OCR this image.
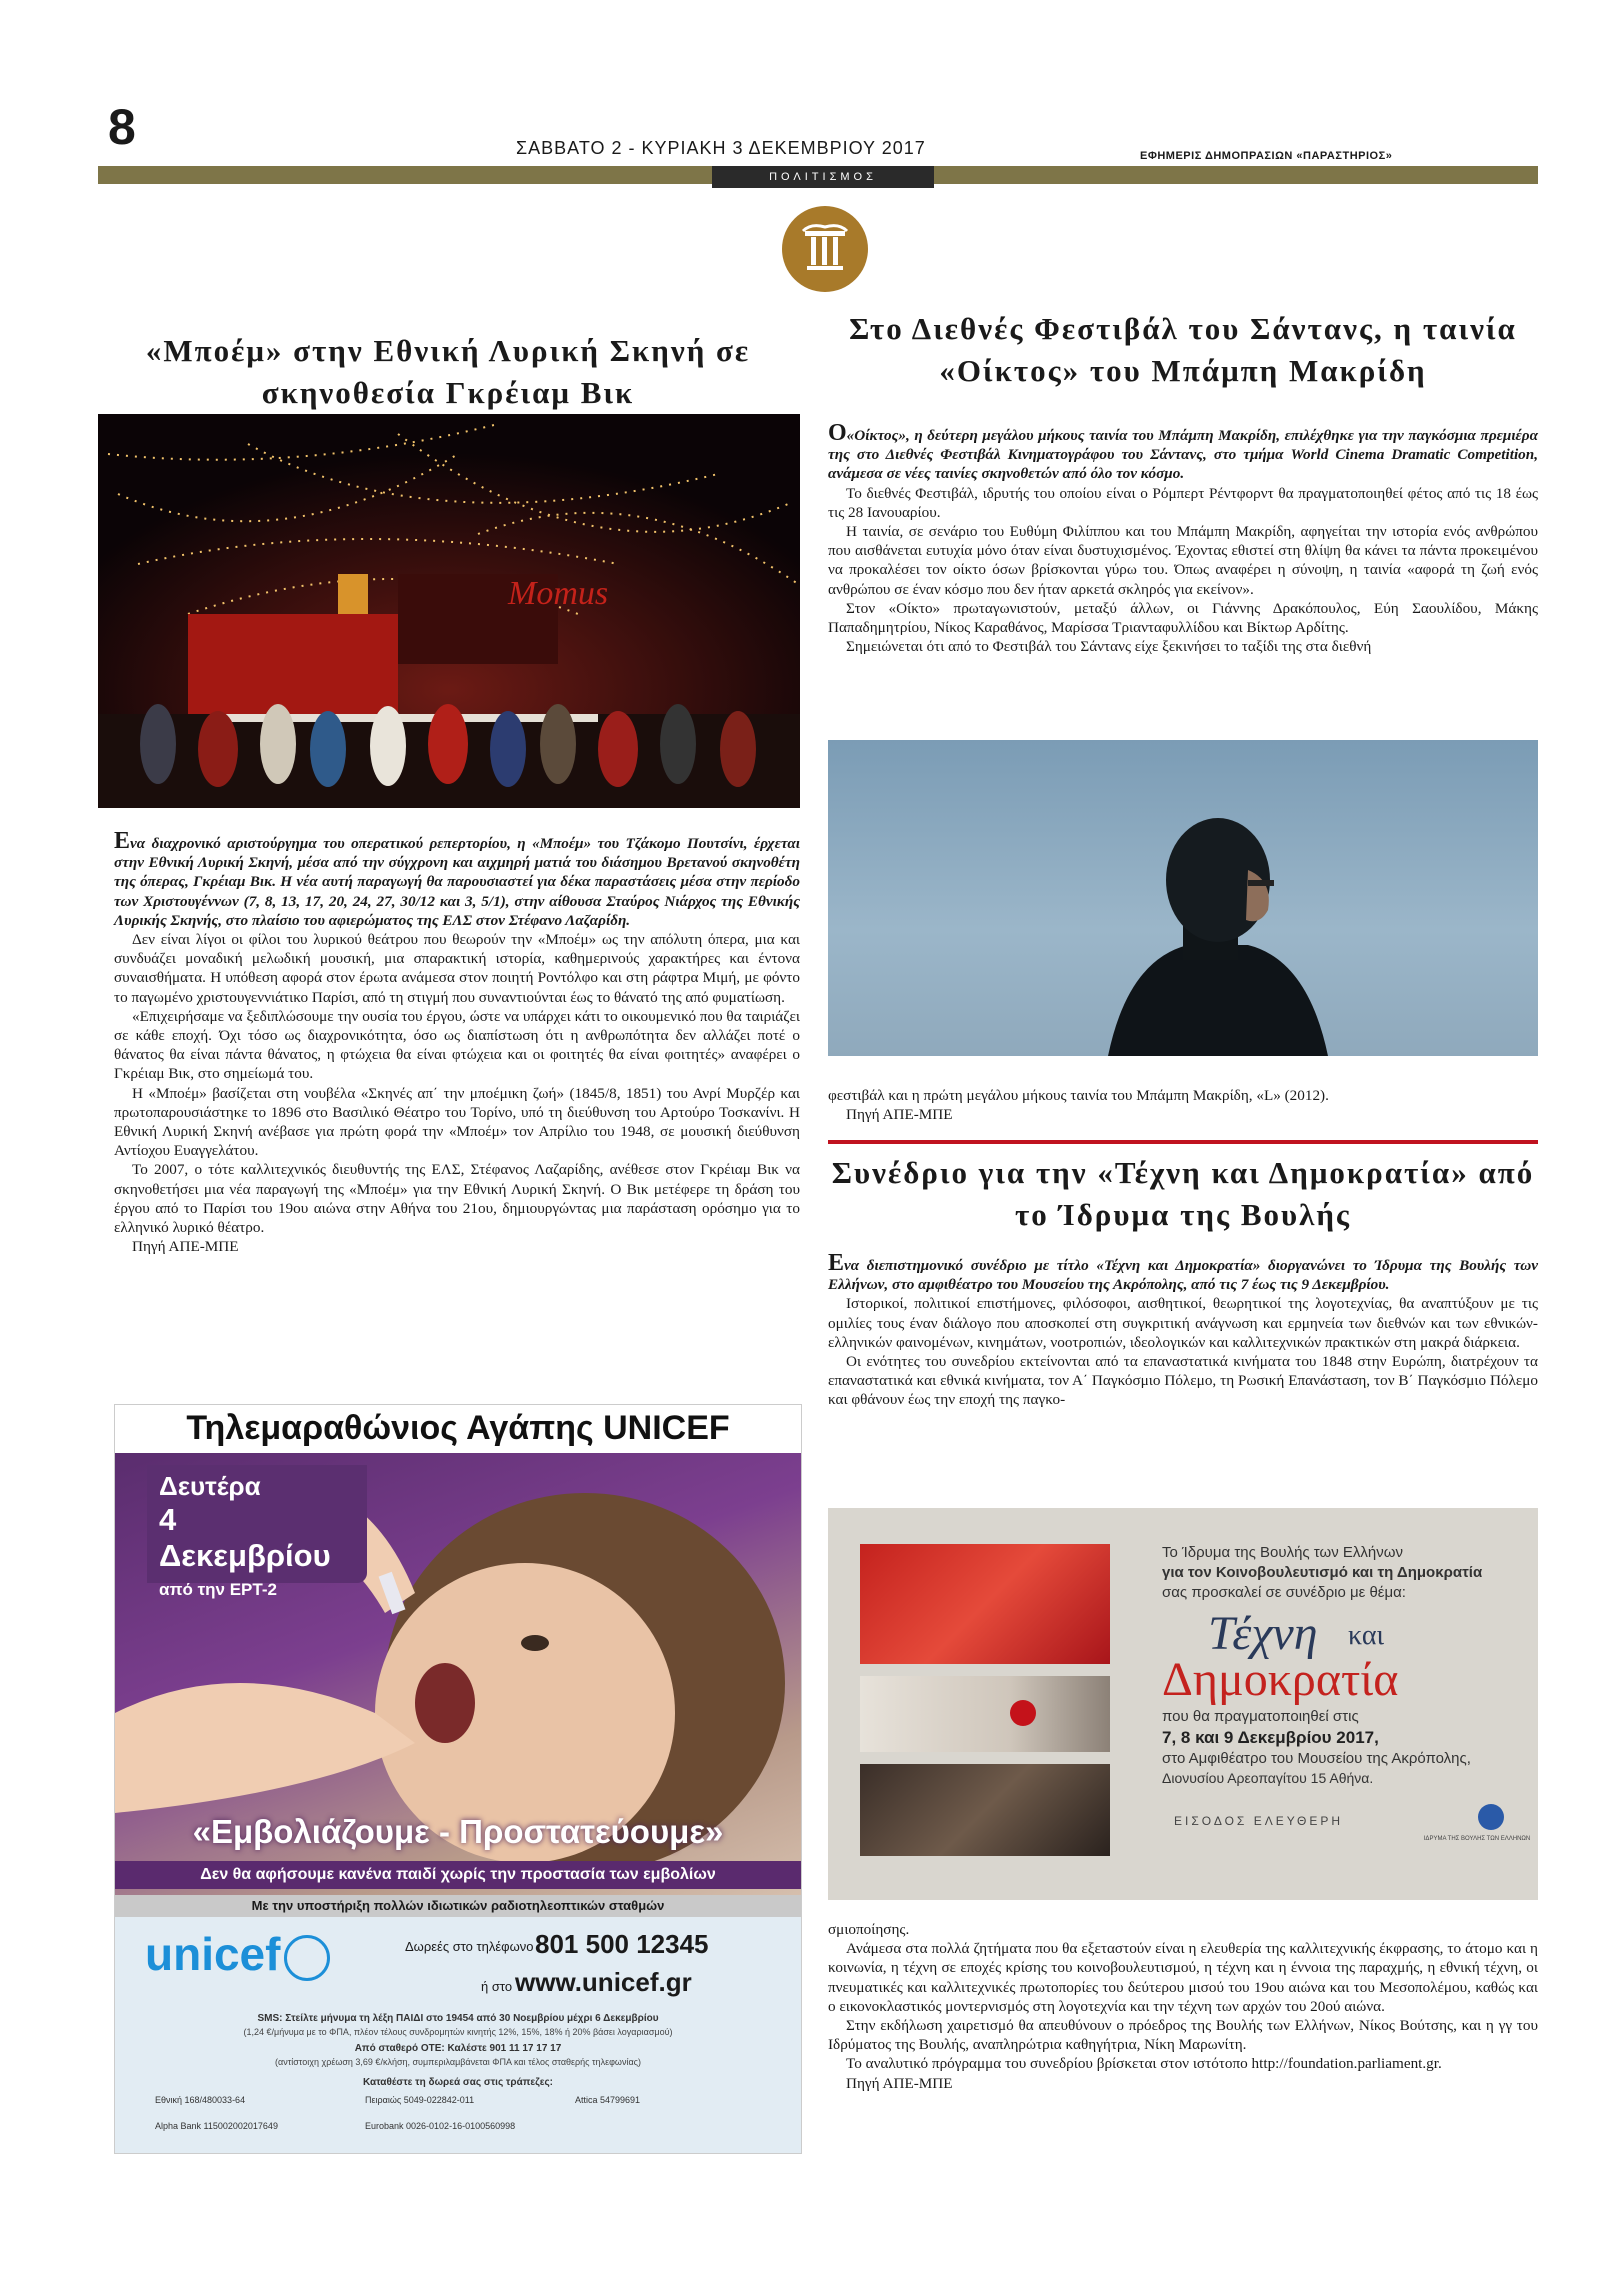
8	ΣΑΒΒΑΤΟ 2 - ΚΥΡΙΑΚΗ 3 ΔΕΚΕΜΒΡΙΟΥ 2017	ΕΦΗΜΕΡΙΣ ΔΗΜΟΠΡΑΣΙΩΝ «ΠΑΡΑΣΤΗΡΙΟΣ»
ΠΟΛΙΤΙΣΜΟΣ
«Μποέμ» στην Εθνική Λυρική Σκηνή σε σκηνοθεσία Γκρέιαμ Βικ
Momus

Ενα διαχρονικό αριστούργημα του οπερατικού ρεπερτορίου, η «Μποέμ» του Τζάκομο Πουτσίνι, έρχεται στην Εθνική Λυρική Σκηνή, μέσα από την σύγχρονη και αιχμηρή ματιά του διάσημου Βρετανού σκηνοθέτη της όπερας, Γκρέιαμ Βικ. Η νέα αυτή παραγωγή θα παρουσιαστεί για δέκα παραστάσεις μέσα στην περίοδο των Χριστουγέννων (7, 8, 13, 17, 20, 24, 27, 30/12 και 3, 5/1), στην αίθουσα Σταύρος Νιάρχος της Εθνικής Λυρικής Σκηνής, στο πλαίσιο του αφιερώματος της ΕΛΣ στον Στέφανο Λαζαρίδη.

Δεν είναι λίγοι οι φίλοι του λυρικού θεάτρου που θεωρούν την «Μποέμ» ως την απόλυτη όπερα, μια και συνδυάζει μοναδική μελωδική μουσική, μια σπαρακτική ιστορία, καθημερινούς χαρακτήρες και έντονα συναισθήματα. Η υπόθεση αφορά στον έρωτα ανάμεσα στον ποιητή Ροντόλφο και στη ράφτρα Μιμή, με φόντο το παγωμένο χριστουγεννιάτικο Παρίσι, από τη στιγμή που συναντιούνται έως το θάνατό της από φυματίωση.

«Επιχειρήσαμε να ξεδιπλώσουμε την ουσία του έργου, ώστε να υπάρχει κάτι το οικουμενικό που θα ταιριάζει σε κάθε εποχή. Όχι τόσο ως διαχρονικότητα, όσο ως διαπίστωση ότι η ανθρωπότητα δεν αλλάζει ποτέ ο θάνατος θα είναι πάντα θάνατος, η φτώχεια θα είναι φτώχεια και οι φοιτητές θα είναι φοιτητές» αναφέρει ο Γκρέιαμ Βικ, στο σημείωμά του.

Η «Μποέμ» βασίζεται στη νουβέλα «Σκηνές απ΄ την μποέμικη ζωή» (1845/8, 1851) του Ανρί Μυρζέρ και πρωτοπαρουσιάστηκε το 1896 στο Βασιλικό Θέατρο του Τορίνο, υπό τη διεύθυνση του Αρτούρο Τοσκανίνι. Η Εθνική Λυρική Σκηνή ανέβασε για πρώτη φορά την «Μποέμ» τον Απρίλιο του 1948, σε μουσική διεύθυνση Αντίοχου Ευαγγελάτου.

Το 2007, ο τότε καλλιτεχνικός διευθυντής της ΕΛΣ, Στέφανος Λαζαρίδης, ανέθεσε στον Γκρέιαμ Βικ να σκηνοθετήσει μια νέα παραγωγή της «Μποέμ» για την Εθνική Λυρική Σκηνή. Ο Βικ μετέφερε τη δράση του έργου από το Παρίσι του 19ου αιώνα στην Αθήνα του 21ου, δημιουργώντας μια παράσταση ορόσημο για το ελληνικό λυρικό θέατρο.

Πηγή ΑΠΕ-ΜΠΕ

Τηλεμαραθώνιος Αγάπης UNICEF
Δευτέρα
4 Δεκεμβρίου
από την ΕΡΤ-2
«Εμβολιάζουμε - Προστατεύουμε»
Δεν θα αφήσουμε κανένα παιδί χωρίς την προστασία των εμβολίων
Με την υποστήριξη πολλών ιδιωτικών ραδιοτηλεοπτικών σταθμών
unicef	Δωρεές στο τηλέφωνο 801 500 12345
ή στο www.unicef.gr
SMS: Στείλτε μήνυμα τη λέξη ΠΑΙΔΙ στο 19454 από 30 Νοεμβρίου μέχρι 6 Δεκεμβρίου
(1,24 €/μήνυμα με το ΦΠΑ, πλέον τέλους συνδρομητών κινητής 12%, 15%, 18% ή 20% βάσει λογαριασμού)
Από σταθερό ΟΤΕ: Καλέστε 901 11 17 17 17
(αντίστοιχη χρέωση 3,69 €/κλήση, συμπεριλαμβάνεται ΦΠΑ και τέλος σταθερής τηλεφωνίας)
Καταθέστε τη δωρεά σας στις τράπεζες:
Εθνική 168/480033-64	Πειραιώς 5049-022842-011	Attica 54799691
Alpha Bank 115002002017649	Eurobank 0026-0102-16-0100560998
Στο Διεθνές Φεστιβάλ του Σάντανς, η ταινία «Οίκτος» του Μπάμπη Μακρίδη

Ο«Οίκτος», η δεύτερη μεγάλου μήκους ταινία του Μπάμπη Μακρίδη, επιλέχθηκε για την παγκόσμια πρεμιέρα της στο Διεθνές Φεστιβάλ Κινηματογράφου του Σάντανς, στο τμήμα World Cinema Dramatic Competition, ανάμεσα σε νέες ταινίες σκηνοθετών από όλο τον κόσμο.

Το διεθνές Φεστιβάλ, ιδρυτής του οποίου είναι ο Ρόμπερτ Ρέντφορντ θα πραγματοποιηθεί φέτος από τις 18 έως τις 28 Ιανουαρίου.

Η ταινία, σε σενάριο του Ευθύμη Φιλίππου και του Μπάμπη Μακρίδη, αφηγείται την ιστορία ενός ανθρώπου που αισθάνεται ευτυχία μόνο όταν είναι δυστυχισμένος. Έχοντας εθιστεί στη θλίψη θα κάνει τα πάντα προκειμένου να προκαλέσει τον οίκτο όσων βρίσκονται γύρω του. Όπως αναφέρει η σύνοψη, η ταινία «αφορά τη ζωή ενός ανθρώπου σε έναν κόσμο που δεν ήταν αρκετά σκληρός για εκείνον».

Στον «Οίκτο» πρωταγωνιστούν, μεταξύ άλλων, οι Γιάννης Δρακόπουλος, Εύη Σαουλίδου, Μάκης Παπαδημητρίου, Νίκος Καραθάνος, Μαρίσσα Τριανταφυλλίδου και Βίκτωρ Αρδίτης.

Σημειώνεται ότι από το Φεστιβάλ του Σάντανς είχε ξεκινήσει το ταξίδι της στα διεθνή

φεστιβάλ και η πρώτη μεγάλου μήκους ταινία του Μπάμπη Μακρίδη, «L» (2012).

Πηγή ΑΠΕ-ΜΠΕ

Συνέδριο για την «Τέχνη και Δημοκρατία» από το Ίδρυμα της Βουλής

Ενα διεπιστημονικό συνέδριο με τίτλο «Τέχνη και Δημοκρατία» διοργανώνει το Ίδρυμα της Βουλής των Ελλήνων, στο αμφιθέατρο του Μουσείου της Ακρόπολης, από τις 7 έως τις 9 Δεκεμβρίου.

Ιστορικοί, πολιτικοί επιστήμονες, φιλόσοφοι, αισθητικοί, θεωρητικοί της λογοτεχνίας, θα αναπτύξουν με τις ομιλίες τους έναν διάλογο που αποσκοπεί στη συγκριτική ανάγνωση και ερμηνεία των διεθνών και των εθνικών-ελληνικών φαινομένων, κινημάτων, νοοτροπιών, ιδεολογικών και καλλιτεχνικών πρακτικών στη μακρά διάρκεια.

Οι ενότητες του συνεδρίου εκτείνονται από τα επαναστατικά κινήματα του 1848 στην Ευρώπη, διατρέχουν τα επαναστατικά και εθνικά κινήματα, τον Α΄ Παγκόσμιο Πόλεμο, τη Ρωσική Επανάσταση, τον Β΄ Παγκόσμιο Πόλεμο και φθάνουν έως την εποχή της παγκο-

Το Ίδρυμα της Βουλής των Ελλήνων
για τον Κοινοβουλευτισμό και τη Δημοκρατία
σας προσκαλεί σε συνέδριο με θέμα:
Τέχνη και
Δημοκρατία
που θα πραγματοποιηθεί στις
7, 8 και 9 Δεκεμβρίου 2017,
στο Αμφιθέατρο του Μουσείου της Ακρόπολης,
Διονυσίου Αρεοπαγίτου 15 Αθήνα.
ΕΙΣΟΔΟΣ ΕΛΕΥΘΕΡΗ
ΙΔΡΥΜΑ ΤΗΣ ΒΟΥΛΗΣ ΤΩΝ ΕΛΛΗΝΩΝ

σμιοποίησης.

Ανάμεσα στα πολλά ζητήματα που θα εξεταστούν είναι η ελευθερία της καλλιτεχνικής έκφρασης, το άτομο και η κοινωνία, η τέχνη σε εποχές κρίσης του κοινοβουλευτισμού, η τέχνη και η έννοια της παραχμής, η εθνική τέχνη, οι πνευματικές και καλλιτεχνικές πρωτοπορίες του δεύτερου μισού του 19ου αιώνα και του Μεσοπολέμου, καθώς και ο εικονοκλαστικός μοντερνισμός στη λογοτεχνία και την τέχνη των αρχών του 20ού αιώνα.

Στην εκδήλωση χαιρετισμό θα απευθύνουν ο πρόεδρος της Βουλής των Ελλήνων, Νίκος Βούτσης, και η γγ του Ιδρύματος της Βουλής, αναπληρώτρια καθηγήτρια, Νίκη Μαρωνίτη.

Το αναλυτικό πρόγραμμα του συνεδρίου βρίσκεται στον ιστότοπο http://foundation.parliament.gr.

Πηγή ΑΠΕ-ΜΠΕ
